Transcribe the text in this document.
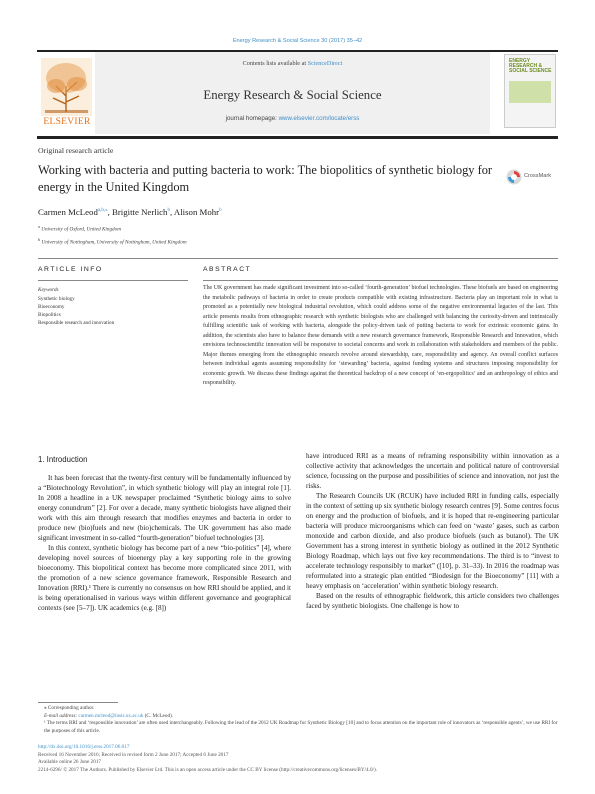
Energy Research & Social Science 30 (2017) 35–42
ELSEVIER
Contents lists available at ScienceDirect
Energy Research & Social Science
journal homepage: www.elsevier.com/locate/erss
ENERGY RESEARCH & SOCIAL SCIENCE
Original research article
Working with bacteria and putting bacteria to work: The biopolitics of synthetic biology for energy in the United Kingdom
CrossMark
Carmen McLeod$^{a,b,⁎}$, Brigitte Nerlich$^b$, Alison Mohr$^b$
$^a$ University of Oxford, United Kingdom
$^b$ University of Nottingham, University of Nottingham, United Kingdom
ARTICLE INFO	ABSTRACT
Keywords
Synthetic biology
Bioeconomy
Biopolitics
Responsible research and innovation
The UK government has made significant investment into so-called ‘fourth-generation’ biofuel technologies. These biofuels are based on engineering the metabolic pathways of bacteria in order to create products compatible with existing infrastructure. Bacteria play an important role in what is promoted as a potentially new biological industrial revolution, which could address some of the negative environmental legacies of the last. This article presents results from ethnographic research with synthetic biologists who are challenged with balancing the curiosity-driven and intrinsically fulfilling scientific task of working with bacteria, alongside the policy-driven task of putting bacteria to work for extrinsic economic gains. In addition, the scientists also have to balance these demands with a new research governance framework, Responsible Research and Innovation, which envisions technoscientific innovation will be responsive to societal concerns and work in collaboration with stakeholders and members of the public. Major themes emerging from the ethnographic research revolve around stewardship, care, responsibility and agency. An overall conflict surfaces between individual agents assuming responsibility for ‘stewarding’ bacteria, against funding systems and structures imposing responsibility for economic growth. We discuss these findings against the theoretical backdrop of a new concept of ‘en-ergopolitics’ and an anthropology of ethics and responsibility.
1. Introduction

It has been forecast that the twenty-first century will be fundamentally influenced by a “Biotechnology Revolution”, in which synthetic biology will play an integral role [1]. In 2008 a headline in a UK newspaper proclaimed “Synthetic biology aims to solve energy conundrum” [2]. For over a decade, many synthetic biologists have aligned their work with this aim through research that modifies enzymes and bacteria in order to produce new (bio)fuels and new (bio)chemicals. The UK government has also made significant investment in so-called “fourth-generation” biofuel technologies [3].

In this context, synthetic biology has become part of a new “bio-politics” [4], where developing novel sources of bioenergy play a key supporting role in the growing bioeconomy. This biopolitical context has become more complicated since 2011, with the promotion of a new science governance framework, Responsible Research and Innovation (RRI).¹ There is currently no consensus on how RRI should be applied, and it is being operationalised in various ways within different governance and geographical contexts (see [5–7]). UK academics (e.g. [8])

have introduced RRI as a means of reframing responsibility within innovation as a collective activity that acknowledges the uncertain and political nature of controversial science, focussing on the purpose and possibilities of science and innovation, not just the risks.

The Research Councils UK (RCUK) have included RRI in funding calls, especially in the context of setting up six synthetic biology research centres [9]. Some centres focus on energy and the production of biofuels, and it is hoped that re-engineering particular bacteria will produce microorganisms which can feed on ‘waste’ gases, such as carbon monoxide and carbon dioxide, and also produce biofuels (such as butanol). The UK Government has a strong interest in synthetic biology as outlined in the 2012 Synthetic Biology Roadmap, which lays out five key recommendations. The third is to “invest to accelerate technology responsibly to market” ([10], p. 31–33). In 2016 the roadmap was reformulated into a strategic plan entitled “Biodesign for the Bioeconomy” [11] with a heavy emphasis on ‘acceleration’ within synthetic biology research.

Based on the results of ethnographic fieldwork, this article considers two challenges faced by synthetic biologists. One challenge is how to

⁎ Corresponding author.
E-mail address: carmen.mcleod@insis.ox.ac.uk (C. McLeod).
¹ The terms RRI and ‘responsible innovation’ are often used interchangeably. Following the lead of the 2012 UK Roadmap for Synthetic Biology [10] and to focus attention on the important role of innovators as ‘responsible agents’, we use RRI for the purposes of this article.
http://dx.doi.org/10.1016/j.erss.2017.06.017
Received 16 November 2016; Received in revised form 2 June 2017; Accepted 6 June 2017
Available online 26 June 2017
2214-6296/ © 2017 The Authors. Published by Elsevier Ltd. This is an open access article under the CC BY license (http://creativecommons.org/licenses/BY/4.0/).
